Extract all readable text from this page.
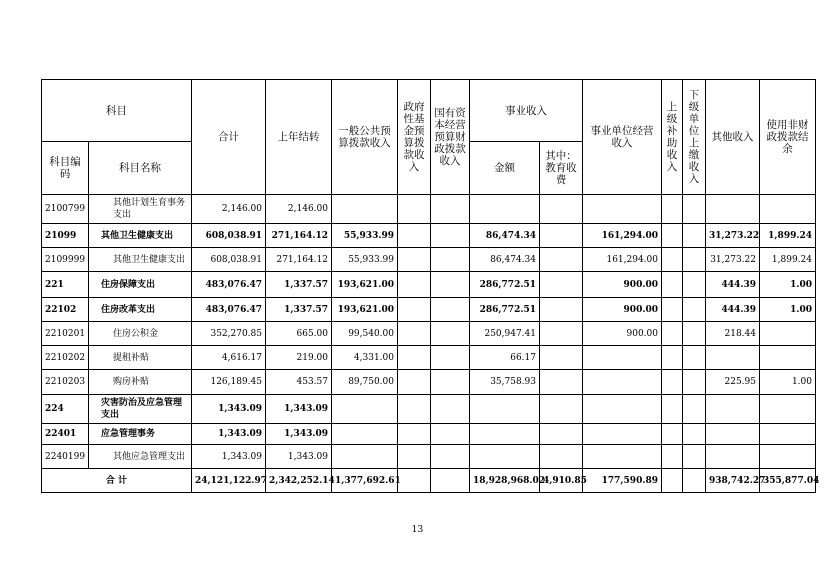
科目		合计	上年结转	一般公共预算拨款收入	政府性基金预算拨款收入	国有资本经营预算财政拨款收入	事业收入		事业单位经营收入	上级补助收入	下级单位上缴收入	其他收入	使用非财政拨款结余
科目编码	科目名称						金额	其中：教育收费					
2100799	其他计划生育事务支出	2,146.00	2,146.00										
21099	其他卫生健康支出	608,038.91	271,164.12	55,933.99			86,474.34		161,294.00			31,273.22	1,899.24
2109999	其他卫生健康支出	608,038.91	271,164.12	55,933.99			86,474.34		161,294.00			31,273.22	1,899.24
221	住房保障支出	483,076.47	1,337.57	193,621.00			286,772.51		900.00			444.39	1.00
22102	住房改革支出	483,076.47	1,337.57	193,621.00			286,772.51		900.00			444.39	1.00
2210201	住房公积金	352,270.85	665.00	99,540.00			250,947.41		900.00			218.44	
2210202	提租补贴	4,616.17	219.00	4,331.00			66.17						
2210203	购房补贴	126,189.45	453.57	89,750.00			35,758.93					225.95	1.00
224	灾害防治及应急管理支出	1,343.09	1,343.09										
22401	应急管理事务	1,343.09	1,343.09										
2240199	其他应急管理支出	1,343.09	1,343.09										
合 计		24,121,122.97	2,342,252.14	1,377,692.61			18,928,968.02	4,910.85	177,590.89			938,742.27	355,877.04
13
